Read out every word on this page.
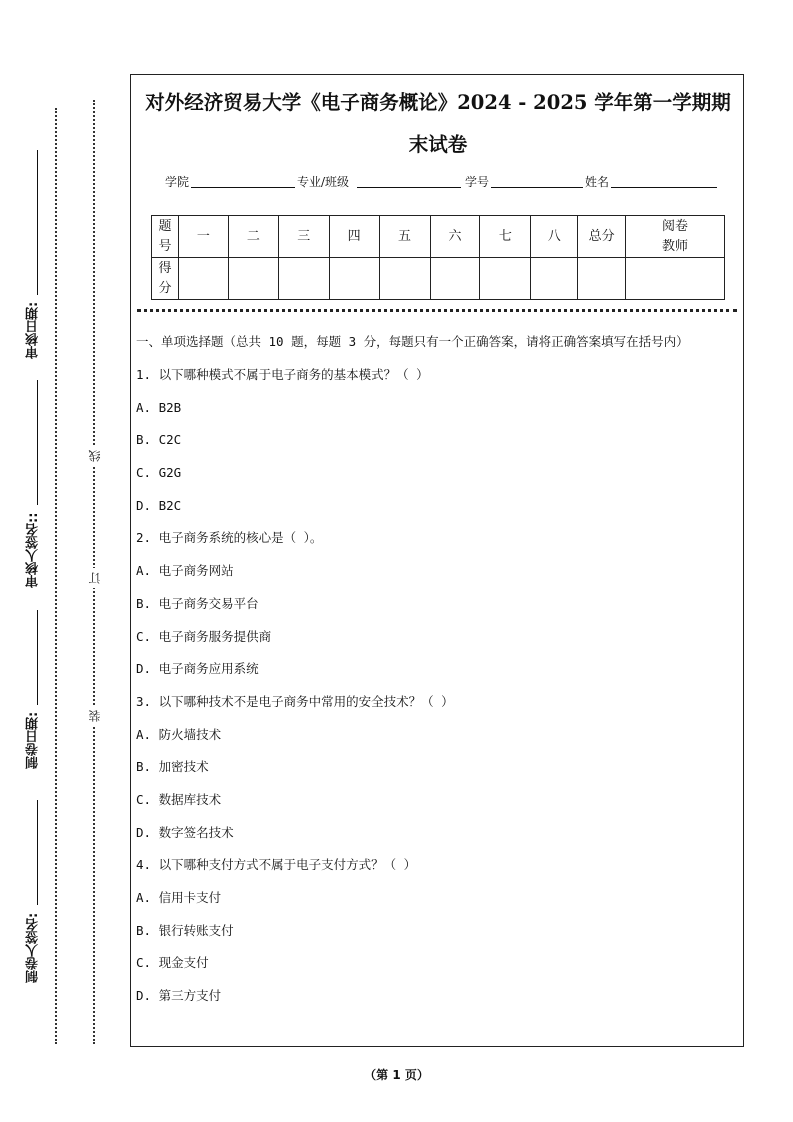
审核日期:
审核人签名::
制卷日期:
制卷人签名:
线
订
装
对外经济贸易大学《电子商务概论》2024 - 2025 学年第一学期期
末试卷
学院	专业/班级	学号	姓名
题
号	一	二	三	四	五	六	七	八	总分	阅卷
教师
得
分										
一、单项选择题（总共 10 题，每题 3 分，每题只有一个正确答案，请将正确答案填写在括号内）
1. 以下哪种模式不属于电子商务的基本模式？（ ）
A. B2B
B. C2C
C. G2G
D. B2C
2. 电子商务系统的核心是（ ）。
A. 电子商务网站
B. 电子商务交易平台
C. 电子商务服务提供商
D. 电子商务应用系统
3. 以下哪种技术不是电子商务中常用的安全技术？（ ）
A. 防火墙技术
B. 加密技术
C. 数据库技术
D. 数字签名技术
4. 以下哪种支付方式不属于电子支付方式？（ ）
A. 信用卡支付
B. 银行转账支付
C. 现金支付
D. 第三方支付
（第 1 页）
